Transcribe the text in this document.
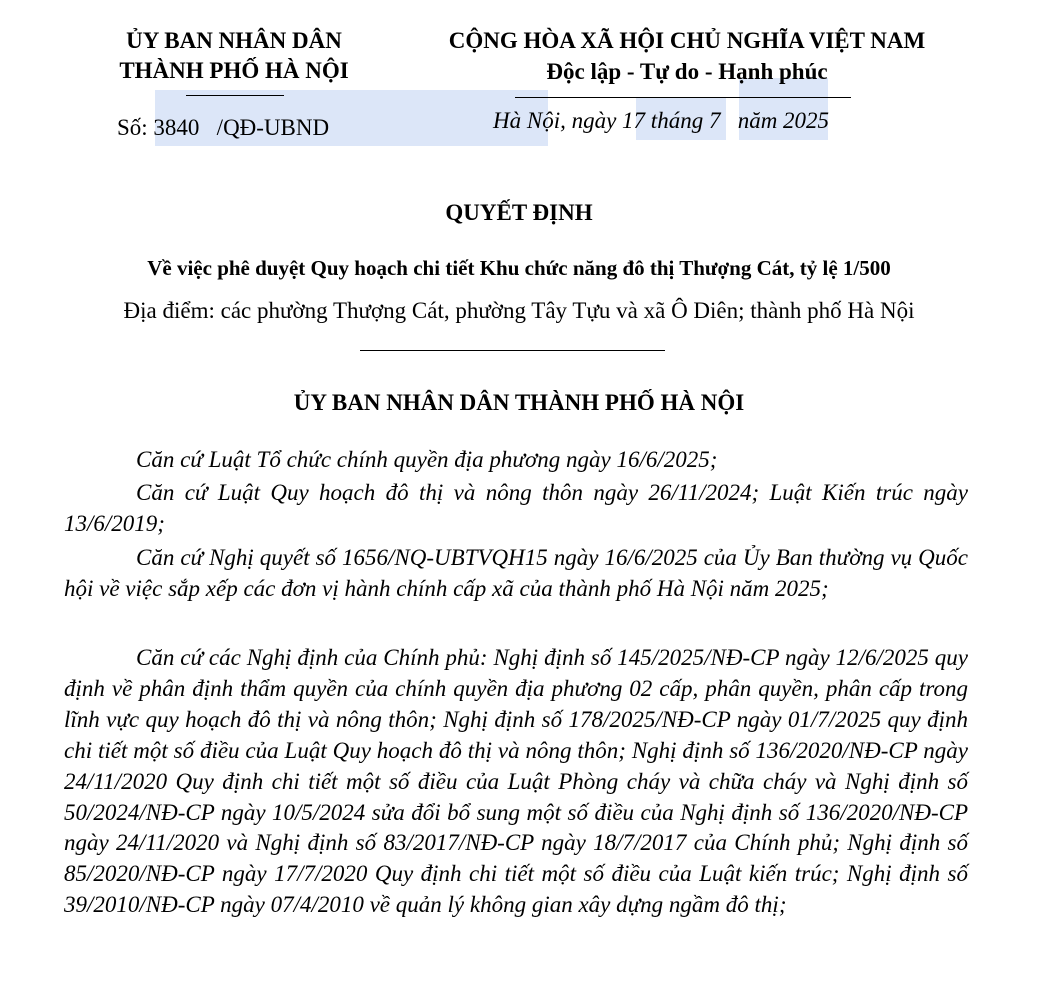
ỦY BAN NHÂN DÂN
THÀNH PHỐ HÀ NỘI
CỘNG HÒA XÃ HỘI CHỦ NGHĨA VIỆT NAM
Độc lập - Tự do - Hạnh phúc
Số: 3840   /QĐ-UBND	Hà Nội, ngày 17 tháng 7   năm 2025
QUYẾT ĐỊNH
Về việc phê duyệt Quy hoạch chi tiết Khu chức năng đô thị Thượng Cát, tỷ lệ 1/500
Địa điểm: các phường Thượng Cát, phường Tây Tựu và xã Ô Diên; thành phố Hà Nội
ỦY BAN NHÂN DÂN THÀNH PHỐ HÀ NỘI

Căn cứ Luật Tổ chức chính quyền địa phương ngày 16/6/2025;

Căn cứ Luật Quy hoạch đô thị và nông thôn ngày 26/11/2024; Luật Kiến trúc ngày 13/6/2019;

Căn cứ Nghị quyết số 1656/NQ-UBTVQH15 ngày 16/6/2025 của Ủy Ban thường vụ Quốc hội về việc sắp xếp các đơn vị hành chính cấp xã của thành phố Hà Nội năm 2025;

Căn cứ các Nghị định của Chính phủ: Nghị định số 145/2025/NĐ-CP ngày 12/6/2025 quy định về phân định thẩm quyền của chính quyền địa phương 02 cấp, phân quyền, phân cấp trong lĩnh vực quy hoạch đô thị và nông thôn; Nghị định số 178/2025/NĐ-CP ngày 01/7/2025 quy định chi tiết một số điều của Luật Quy hoạch đô thị và nông thôn; Nghị định số 136/2020/NĐ-CP ngày 24/11/2020 Quy định chi tiết một số điều của Luật Phòng cháy và chữa cháy và Nghị định số 50/2024/NĐ-CP ngày 10/5/2024 sửa đổi bổ sung một số điều của Nghị định số 136/2020/NĐ-CP ngày 24/11/2020 và Nghị định số 83/2017/NĐ-CP ngày 18/7/2017 của Chính phủ; Nghị định số 85/2020/NĐ-CP ngày 17/7/2020 Quy định chi tiết một số điều của Luật kiến trúc; Nghị định số 39/2010/NĐ-CP ngày 07/4/2010 về quản lý không gian xây dựng ngầm đô thị;
